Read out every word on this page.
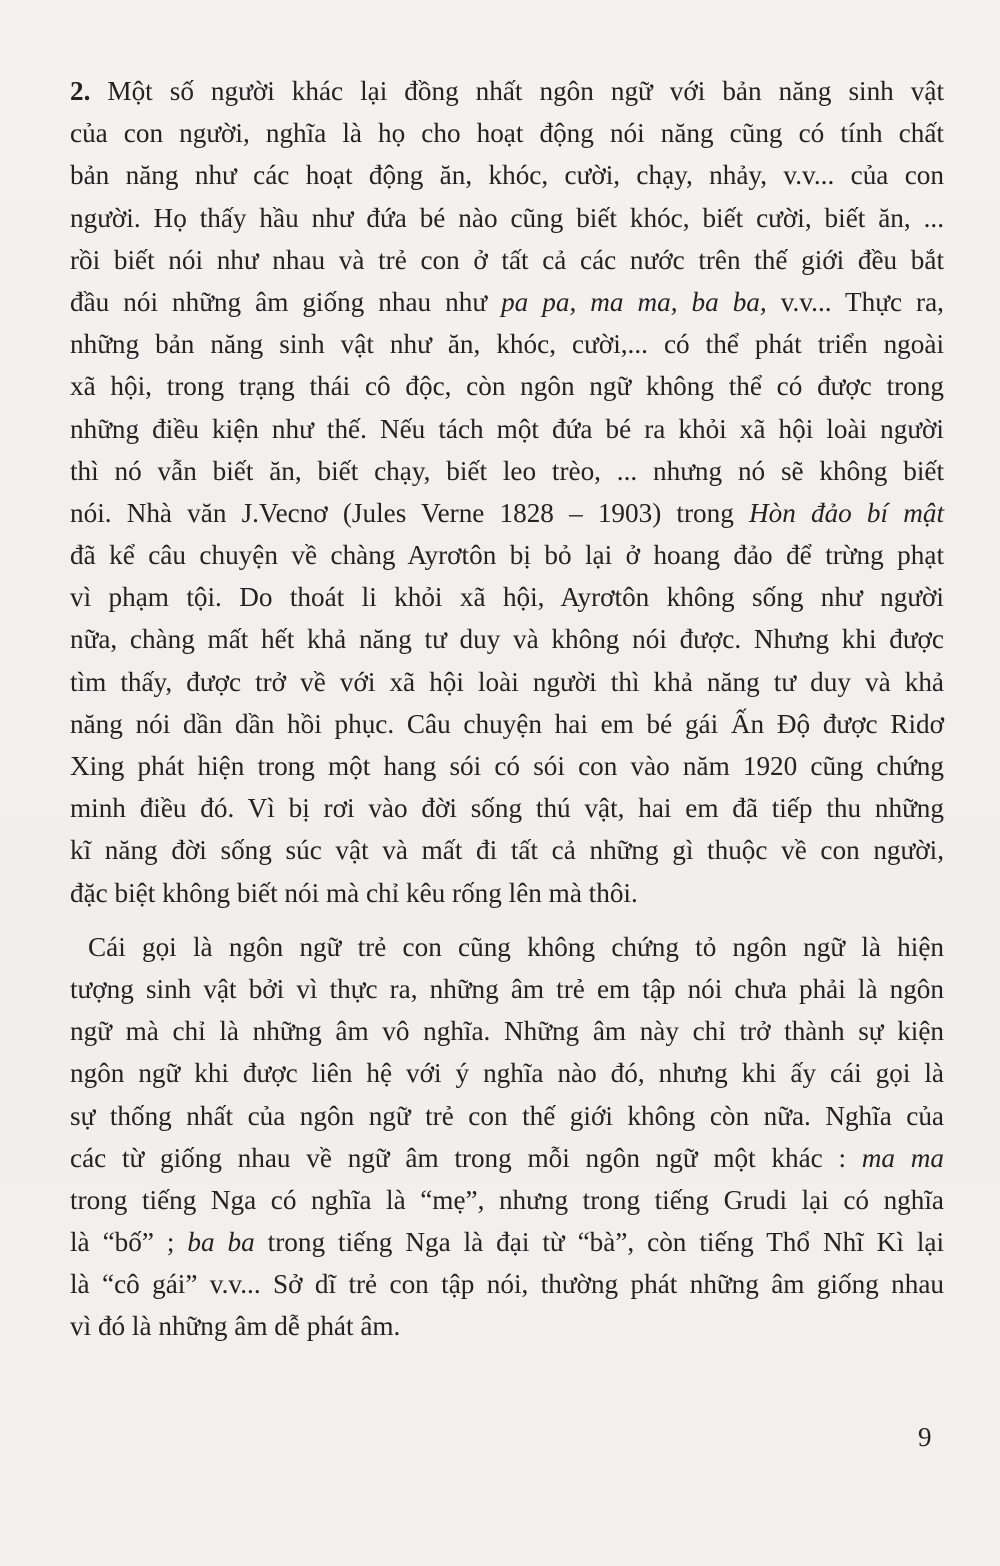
2. Một số người khác lại đồng nhất ngôn ngữ với bản năng sinh vật
của con người, nghĩa là họ cho hoạt động nói năng cũng có tính chất
bản năng như các hoạt động ăn, khóc, cười, chạy, nhảy, v.v... của con
người. Họ thấy hầu như đứa bé nào cũng biết khóc, biết cười, biết ăn, ...
rồi biết nói như nhau và trẻ con ở tất cả các nước trên thế giới đều bắt
đầu nói những âm giống nhau như pa pa, ma ma, ba ba, v.v... Thực ra,
những bản năng sinh vật như ăn, khóc, cười,... có thể phát triển ngoài
xã hội, trong trạng thái cô độc, còn ngôn ngữ không thể có được trong
những điều kiện như thế. Nếu tách một đứa bé ra khỏi xã hội loài người
thì nó vẫn biết ăn, biết chạy, biết leo trèo, ... nhưng nó sẽ không biết
nói. Nhà văn J.Vecnơ (Jules Verne 1828 – 1903) trong Hòn đảo bí mật
đã kể câu chuyện về chàng Ayrơtôn bị bỏ lại ở hoang đảo để trừng phạt
vì phạm tội. Do thoát li khỏi xã hội, Ayrơtôn không sống như người
nữa, chàng mất hết khả năng tư duy và không nói được. Nhưng khi được
tìm thấy, được trở về với xã hội loài người thì khả năng tư duy và khả
năng nói dần dần hồi phục. Câu chuyện hai em bé gái Ấn Độ được Ridơ
Xing phát hiện trong một hang sói có sói con vào năm 1920 cũng chứng
minh điều đó. Vì bị rơi vào đời sống thú vật, hai em đã tiếp thu những
kĩ năng đời sống súc vật và mất đi tất cả những gì thuộc về con người,
đặc biệt không biết nói mà chỉ kêu rống lên mà thôi.
Cái gọi là ngôn ngữ trẻ con cũng không chứng tỏ ngôn ngữ là hiện
tượng sinh vật bởi vì thực ra, những âm trẻ em tập nói chưa phải là ngôn
ngữ mà chỉ là những âm vô nghĩa. Những âm này chỉ trở thành sự kiện
ngôn ngữ khi được liên hệ với ý nghĩa nào đó, nhưng khi ấy cái gọi là
sự thống nhất của ngôn ngữ trẻ con thế giới không còn nữa. Nghĩa của
các từ giống nhau về ngữ âm trong mỗi ngôn ngữ một khác : ma ma
trong tiếng Nga có nghĩa là “mẹ”, nhưng trong tiếng Grudi lại có nghĩa
là “bố” ; ba ba trong tiếng Nga là đại từ “bà”, còn tiếng Thổ Nhĩ Kì lại
là “cô gái” v.v... Sở dĩ trẻ con tập nói, thường phát những âm giống nhau
vì đó là những âm dễ phát âm.
9
